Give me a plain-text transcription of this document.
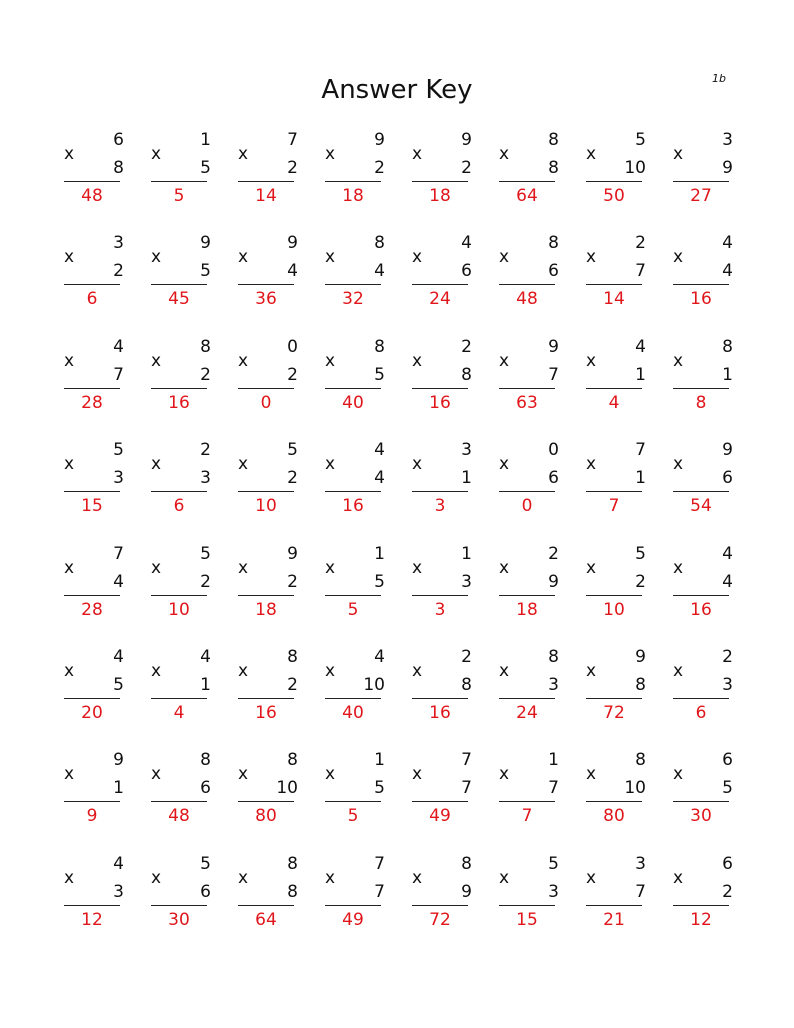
Answer Key	1b
6
x
8
48
1
x
5
5
7
x
2
14
9
x
2
18
9
x
2
18
8
x
8
64
5
x
10
50
3
x
9
27
3
x
2
6
9
x
5
45
9
x
4
36
8
x
4
32
4
x
6
24
8
x
6
48
2
x
7
14
4
x
4
16
4
x
7
28
8
x
2
16
0
x
2
0
8
x
5
40
2
x
8
16
9
x
7
63
4
x
1
4
8
x
1
8
5
x
3
15
2
x
3
6
5
x
2
10
4
x
4
16
3
x
1
3
0
x
6
0
7
x
1
7
9
x
6
54
7
x
4
28
5
x
2
10
9
x
2
18
1
x
5
5
1
x
3
3
2
x
9
18
5
x
2
10
4
x
4
16
4
x
5
20
4
x
1
4
8
x
2
16
4
x
10
40
2
x
8
16
8
x
3
24
9
x
8
72
2
x
3
6
9
x
1
9
8
x
6
48
8
x
10
80
1
x
5
5
7
x
7
49
1
x
7
7
8
x
10
80
6
x
5
30
4
x
3
12
5
x
6
30
8
x
8
64
7
x
7
49
8
x
9
72
5
x
3
15
3
x
7
21
6
x
2
12
